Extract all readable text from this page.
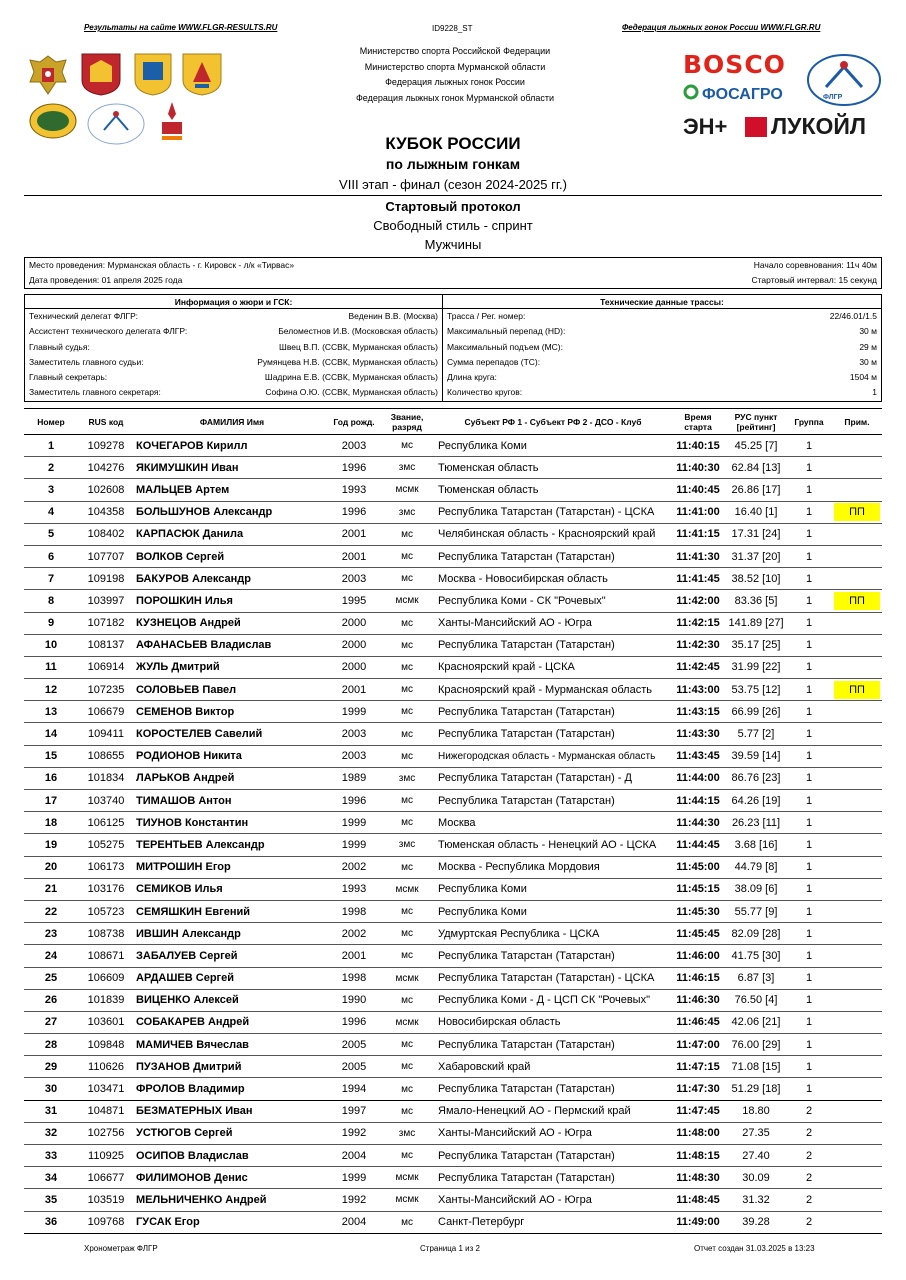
Результаты на сайте WWW.FLGR-RESULTS.RU	ID9228_ST	Федерация лыжных гонок России WWW.FLGR.RU
Министерство спорта Российской Федерации
Министерство спорта Мурманской области
Федерация лыжных гонок России
Федерация лыжных гонок Мурманской области
BOSCO
ФОСАГРО	ФЛГР
ЭН+ ЛУКОЙЛ
КУБОК РОССИИ
по лыжным гонкам
VIII этап - финал (сезон 2024-2025 гг.)
Стартовый протокол
Свободный стиль - спринт
Мужчины
Место проведения: Мурманская область - г. Кировск - л/к «Тирвас»	Начало соревнования: 11ч 40м
Дата проведения: 01 апреля 2025 года	Стартовый интервал: 15 секунд
Информация о жюри и ГСК:
Технический делегат ФЛГР:	Веденин В.В. (Москва)
Ассистент технического делегата ФЛГР:	Беломестнов И.В. (Московская область)
Главный судья:	Швец В.П. (ССВК, Мурманская область)
Заместитель главного судьи:	Румянцева Н.В. (ССВК, Мурманская область)
Главный секретарь:	Шадрина Е.В. (ССВК, Мурманская область)
Заместитель главного секретаря:	Софина О.Ю. (ССВК, Мурманская область)
Технические данные трассы:
Трасса / Рег. номер:	22/46.01/1.5
Максимальный перепад (HD):	30 м
Максимальный подъем (MC):	29 м
Сумма перепадов (TC):	30 м
Длина круга:	1504 м
Количество кругов:	1
Номер	RUS код	ФАМИЛИЯ Имя	Год рожд.	Звание, разряд	Субъект РФ 1 - Субъект РФ 2 - ДСО - Клуб	Время старта	РУС пункт [рейтинг]	Группа	Прим.
1	109278	КОЧЕГАРОВ Кирилл	2003	мс	Республика Коми	11:40:15	45.25 [7]	1	
2	104276	ЯКИМУШКИН Иван	1996	змс	Тюменская область	11:40:30	62.84 [13]	1	
3	102608	МАЛЬЦЕВ Артем	1993	мсмк	Тюменская область	11:40:45	26.86 [17]	1	
4	104358	БОЛЬШУНОВ Александр	1996	змс	Республика Татарстан (Татарстан) - ЦСКА	11:41:00	16.40 [1]	1	ПП

5	108402	КАРПАСЮК Данила	2001	мс	Челябинская область - Красноярский край	11:41:15	17.31 [24]	1	
6	107707	ВОЛКОВ Сергей	2001	мс	Республика Татарстан (Татарстан)	11:41:30	31.37 [20]	1	
7	109198	БАКУРОВ Александр	2003	мс	Москва - Новосибирская область	11:41:45	38.52 [10]	1	
8	103997	ПОРОШКИН Илья	1995	мсмк	Республика Коми - СК "Рочевых"	11:42:00	83.36 [5]	1	ПП

9	107182	КУЗНЕЦОВ Андрей	2000	мс	Ханты-Мансийский АО - Югра	11:42:15	141.89 [27]	1	
10	108137	АФАНАСЬЕВ Владислав	2000	мс	Республика Татарстан (Татарстан)	11:42:30	35.17 [25]	1	
11	106914	ЖУЛЬ Дмитрий	2000	мс	Красноярский край - ЦСКА	11:42:45	31.99 [22]	1	
12	107235	СОЛОВЬЕВ Павел	2001	мс	Красноярский край - Мурманская область	11:43:00	53.75 [12]	1	ПП

13	106679	СЕМЕНОВ Виктор	1999	мс	Республика Татарстан (Татарстан)	11:43:15	66.99 [26]	1	
14	109411	КОРОСТЕЛЕВ Савелий	2003	мс	Республика Татарстан (Татарстан)	11:43:30	5.77 [2]	1	
15	108655	РОДИОНОВ Никита	2003	мс	Нижегородская область - Мурманская область	11:43:45	39.59 [14]	1	
16	101834	ЛАРЬКОВ Андрей	1989	змс	Республика Татарстан (Татарстан) - Д	11:44:00	86.76 [23]	1	
17	103740	ТИМАШОВ Антон	1996	мс	Республика Татарстан (Татарстан)	11:44:15	64.26 [19]	1	
18	106125	ТИУНОВ Константин	1999	мс	Москва	11:44:30	26.23 [11]	1	
19	105275	ТЕРЕНТЬЕВ Александр	1999	змс	Тюменская область - Ненецкий АО - ЦСКА	11:44:45	3.68 [16]	1	
20	106173	МИТРОШИН Егор	2002	мс	Москва - Республика Мордовия	11:45:00	44.79 [8]	1	
21	103176	СЕМИКОВ Илья	1993	мсмк	Республика Коми	11:45:15	38.09 [6]	1	
22	105723	СЕМЯШКИН Евгений	1998	мс	Республика Коми	11:45:30	55.77 [9]	1	
23	108738	ИВШИН Александр	2002	мс	Удмуртская Республика - ЦСКА	11:45:45	82.09 [28]	1	
24	108671	ЗАБАЛУЕВ Сергей	2001	мс	Республика Татарстан (Татарстан)	11:46:00	41.75 [30]	1	
25	106609	АРДАШЕВ Сергей	1998	мсмк	Республика Татарстан (Татарстан) - ЦСКА	11:46:15	6.87 [3]	1	
26	101839	ВИЦЕНКО Алексей	1990	мс	Республика Коми - Д - ЦСП СК "Рочевых"	11:46:30	76.50 [4]	1	
27	103601	СОБАКАРЕВ Андрей	1996	мсмк	Новосибирская область	11:46:45	42.06 [21]	1	
28	109848	МАМИЧЕВ Вячеслав	2005	мс	Республика Татарстан (Татарстан)	11:47:00	76.00 [29]	1	
29	110626	ПУЗАНОВ Дмитрий	2005	мс	Хабаровский край	11:47:15	71.08 [15]	1	
30	103471	ФРОЛОВ Владимир	1994	мс	Республика Татарстан (Татарстан)	11:47:30	51.29 [18]	1	
31	104871	БЕЗМАТЕРНЫХ Иван	1997	мс	Ямало-Ненецкий АО - Пермский край	11:47:45	18.80	2	
32	102756	УСТЮГОВ Сергей	1992	змс	Ханты-Мансийский АО - Югра	11:48:00	27.35	2	
33	110925	ОСИПОВ Владислав	2004	мс	Республика Татарстан (Татарстан)	11:48:15	27.40	2	
34	106677	ФИЛИМОНОВ Денис	1999	мсмк	Республика Татарстан (Татарстан)	11:48:30	30.09	2	
35	103519	МЕЛЬНИЧЕНКО Андрей	1992	мсмк	Ханты-Мансийский АО - Югра	11:48:45	31.32	2	
36	109768	ГУСАК Егор	2004	мс	Санкт-Петербург	11:49:00	39.28	2	
Хронометраж ФЛГР	Страница 1 из 2	Отчет создан 31.03.2025 в 13:23
